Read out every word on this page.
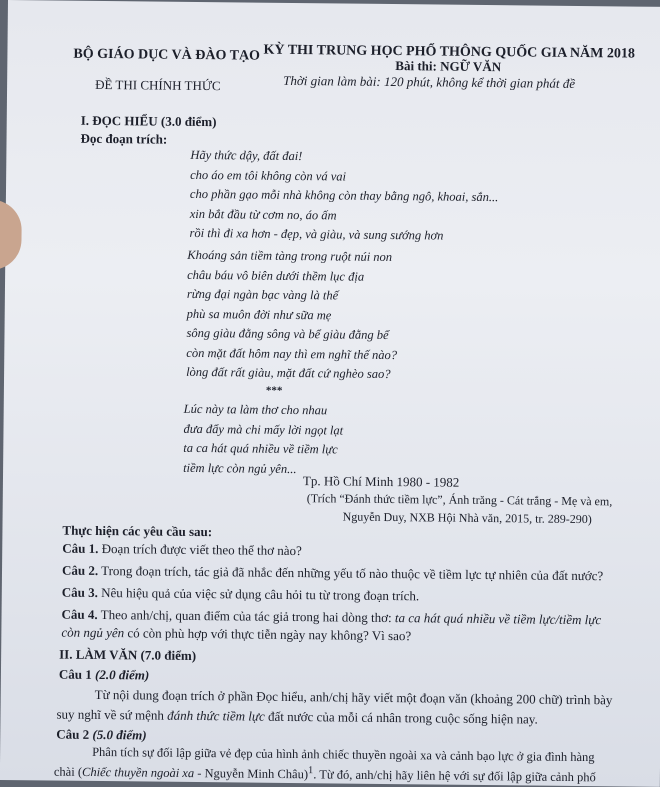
BỘ GIÁO DỤC VÀ ĐÀO TẠO KỲ THI TRUNG HỌC PHỔ THÔNG QUỐC GIA NĂM 2018
Bài thi: NGỮ VĂN
ĐỀ THI CHÍNH THỨC	Thời gian làm bài: 120 phút, không kể thời gian phát đề
I. ĐỌC HIỂU (3.0 điểm)
Đọc đoạn trích:
Hãy thức dậy, đất đai!
cho áo em tôi không còn vá vai
cho phần gạo mỗi nhà không còn thay bằng ngô, khoai, sắn...
xin bắt đầu từ cơm no, áo ấm
rồi thì đi xa hơn - đẹp, và giàu, và sung sướng hơn
Khoáng sản tiềm tàng trong ruột núi non
châu báu vô biên dưới thềm lục địa
rừng đại ngàn bạc vàng là thế
phù sa muôn đời như sữa mẹ
sông giàu đằng sông và bể giàu đằng bể
còn mặt đất hôm nay thì em nghĩ thế nào?
lòng đất rất giàu, mặt đất cứ nghèo sao?
***
Lúc này ta làm thơ cho nhau
đưa đẩy mà chi mấy lời ngọt lạt
ta ca hát quá nhiều về tiềm lực
tiềm lực còn ngủ yên...
Tp. Hồ Chí Minh 1980 - 1982
(Trích “Đánh thức tiềm lực”, Ánh trăng - Cát trắng - Mẹ và em,
Nguyễn Duy, NXB Hội Nhà văn, 2015, tr. 289-290)
Thực hiện các yêu cầu sau:
Câu 1. Đoạn trích được viết theo thể thơ nào?
Câu 2. Trong đoạn trích, tác giả đã nhắc đến những yếu tố nào thuộc về tiềm lực tự nhiên của đất nước?
Câu 3. Nêu hiệu quả của việc sử dụng câu hỏi tu từ trong đoạn trích.
Câu 4. Theo anh/chị, quan điểm của tác giả trong hai dòng thơ: ta ca hát quá nhiều về tiềm lực/tiềm lực
còn ngủ yên có còn phù hợp với thực tiễn ngày nay không? Vì sao?
II. LÀM VĂN (7.0 điểm)
Câu 1 (2.0 điểm)
Từ nội dung đoạn trích ở phần Đọc hiểu, anh/chị hãy viết một đoạn văn (khoảng 200 chữ) trình bày
suy nghĩ về sứ mệnh đánh thức tiềm lực đất nước của mỗi cá nhân trong cuộc sống hiện nay.
Câu 2 (5.0 điểm)
Phân tích sự đối lập giữa vẻ đẹp của hình ảnh chiếc thuyền ngoài xa và cảnh bạo lực ở gia đình hàng
chài (Chiếc thuyền ngoài xa - Nguyễn Minh Châu)$^1$. Từ đó, anh/chị hãy liên hệ với sự đối lập giữa cảnh phố
